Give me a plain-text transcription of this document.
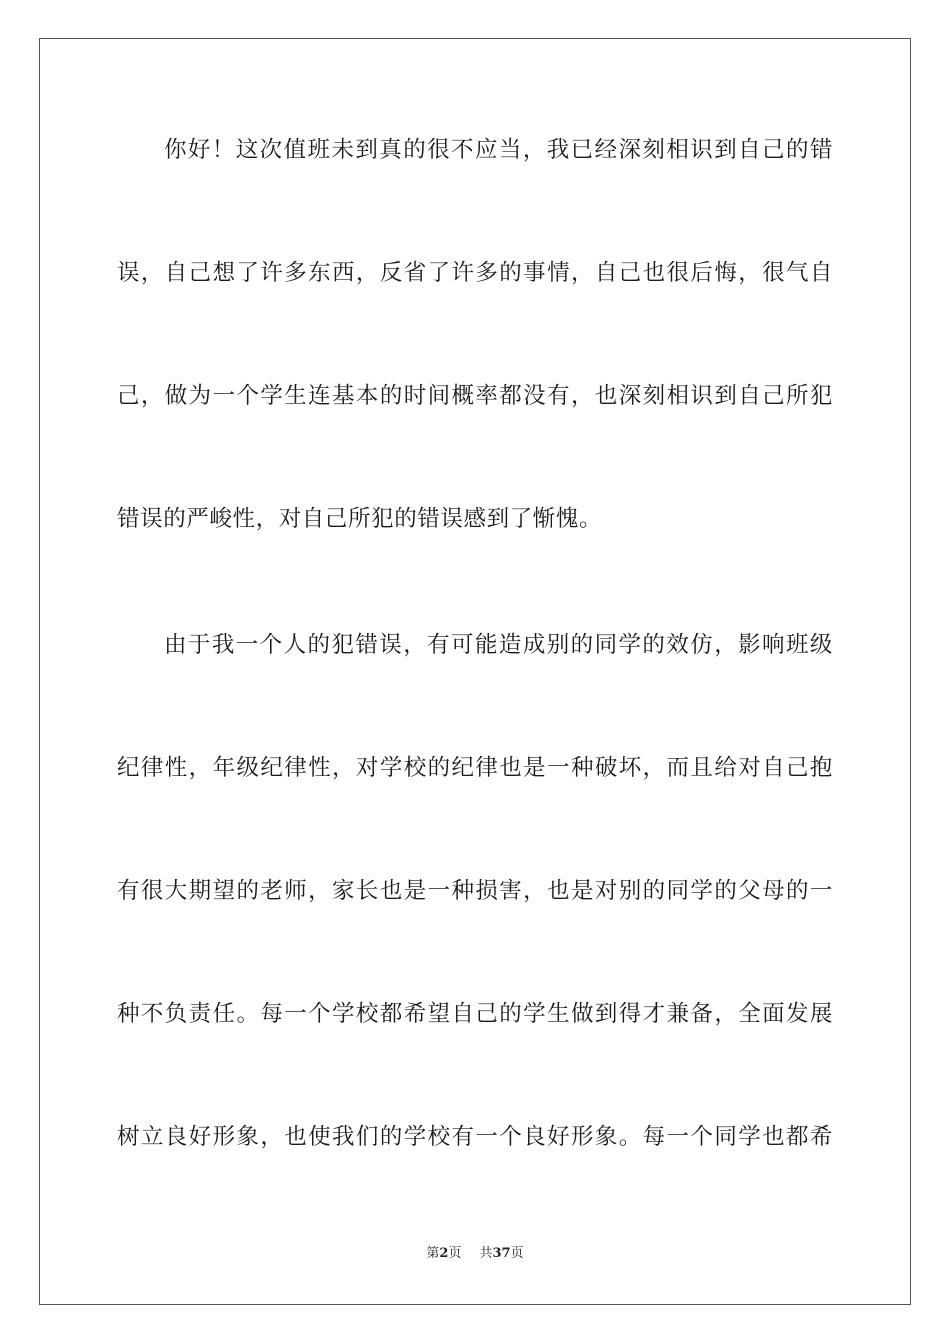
你好！这次值班未到真的很不应当，我已经深刻相识到自己的错
误，自己想了许多东西，反省了许多的事情，自己也很后悔，很气自
己，做为一个学生连基本的时间概率都没有，也深刻相识到自己所犯
错误的严峻性，对自己所犯的错误感到了惭愧。
由于我一个人的犯错误，有可能造成别的同学的效仿，影响班级
纪律性，年级纪律性，对学校的纪律也是一种破坏，而且给对自己抱
有很大期望的老师，家长也是一种损害，也是对别的同学的父母的一
种不负责任。每一个学校都希望自己的学生做到得才兼备，全面发展
树立良好形象，也使我们的学校有一个良好形象。每一个同学也都希
第2页 共37页
